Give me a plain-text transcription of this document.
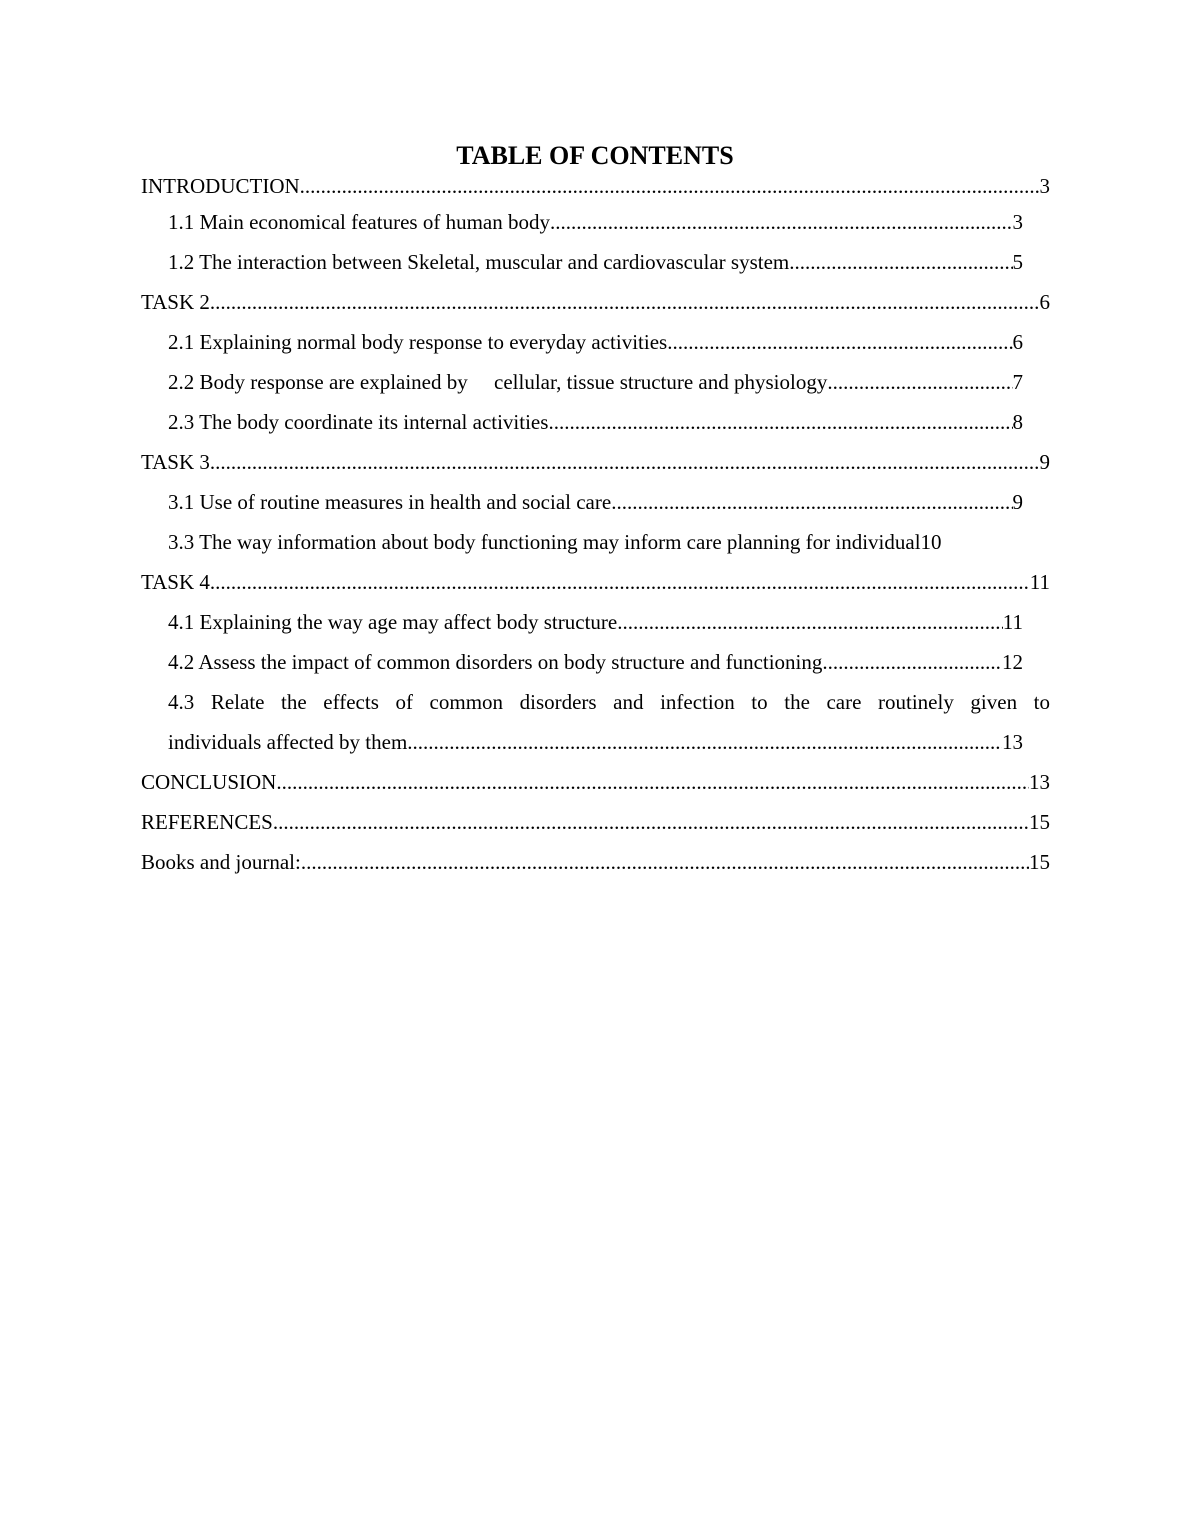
TABLE OF CONTENTS
INTRODUCTION .....	3
1.1 Main economical features of human body .....	3
1.2 The interaction between Skeletal, muscular and cardiovascular system .....	5
TASK 2 .....	6
2.1 Explaining normal body response to everyday activities .....	6
2.2 Body response are explained by     cellular, tissue structure and physiology .....	7
2.3 The body coordinate its internal activities .....	8
TASK 3 .....	9
3.1 Use of routine measures in health and social care .....	9
3.3 The way information about body functioning may inform care planning for individual 10
TASK 4 .....	11
4.1 Explaining the way age may affect body structure .....	11
4.2 Assess the impact of common disorders on body structure and functioning .....	12
4.3 Relate the effects of common disorders and infection to the care routinely given to
individuals affected by them .....	13
CONCLUSION .....	13
REFERENCES .....	15
Books and journal: .....	15
